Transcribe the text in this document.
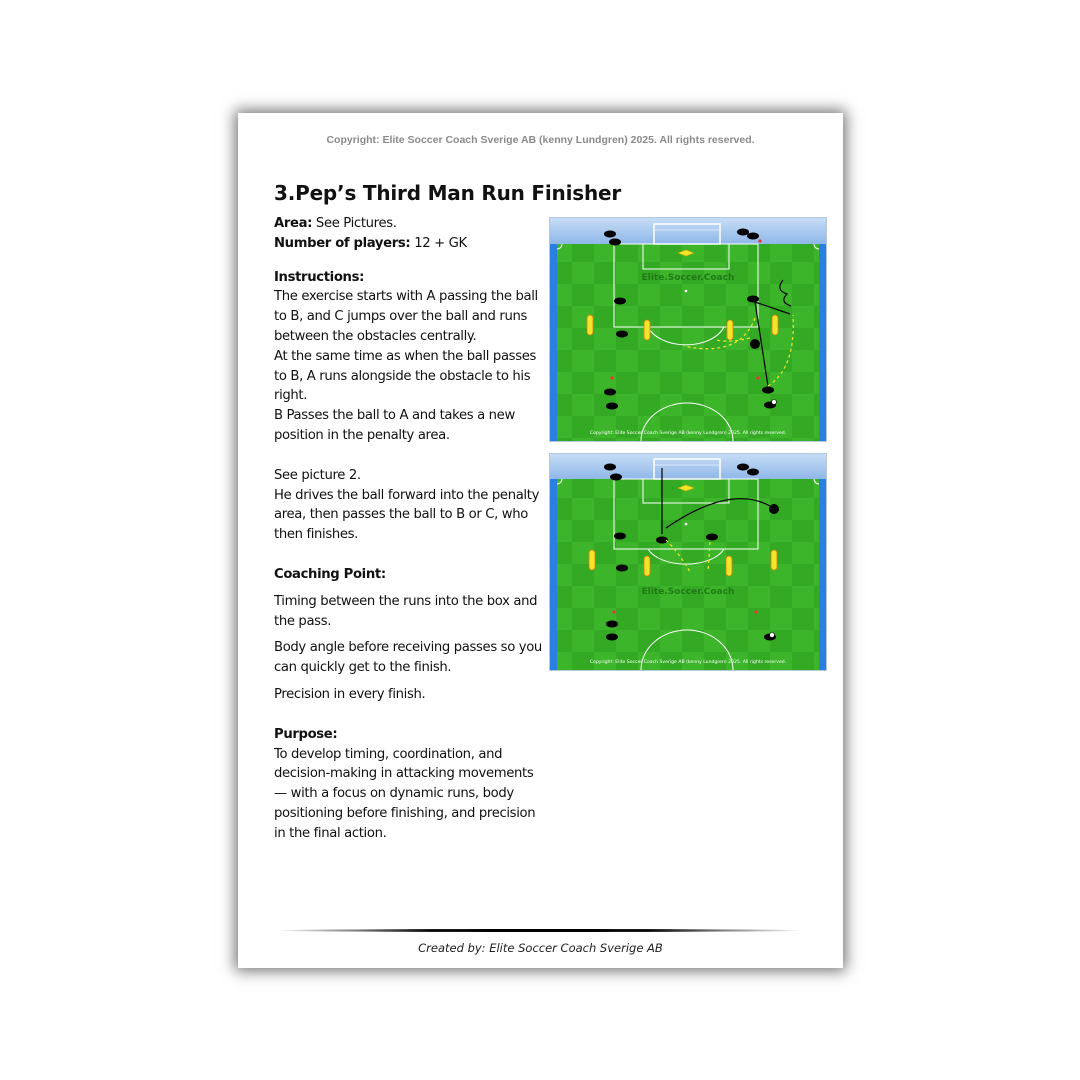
Copyright: Elite Soccer Coach Sverige AB (kenny Lundgren) 2025. All rights reserved.
3.Pep’s Third Man Run Finisher

Area: See Pictures.

Number of players: 12 + GK

Instructions:

The exercise starts with A passing the ball to B, and C jumps over the ball and runs between the obstacles centrally.

At the same time as when the ball passes to B, A runs alongside the obstacle to his right.

B Passes the ball to A and takes a new position in the penalty area.

See picture 2.

He drives the ball forward into the penalty area, then passes the ball to B or C, who then finishes.

Coaching Point:

Timing between the runs into the box and the pass.

Body angle before receiving passes so you can quickly get to the finish.

Precision in every finish.

Purpose:

To develop timing, coordination, and decision-making in attacking movements — with a focus on dynamic runs, body positioning before finishing, and precision in the final action.

Elite.Soccer.Coach
Copyright: Elite Soccer Coach Sverige AB (kenny Lundgren) 2025. All rights reserved.
Elite.Soccer.Coach
Copyright: Elite Soccer Coach Sverige AB (kenny Lundgren) 2025. All rights reserved.
Created by: Elite Soccer Coach Sverige AB
